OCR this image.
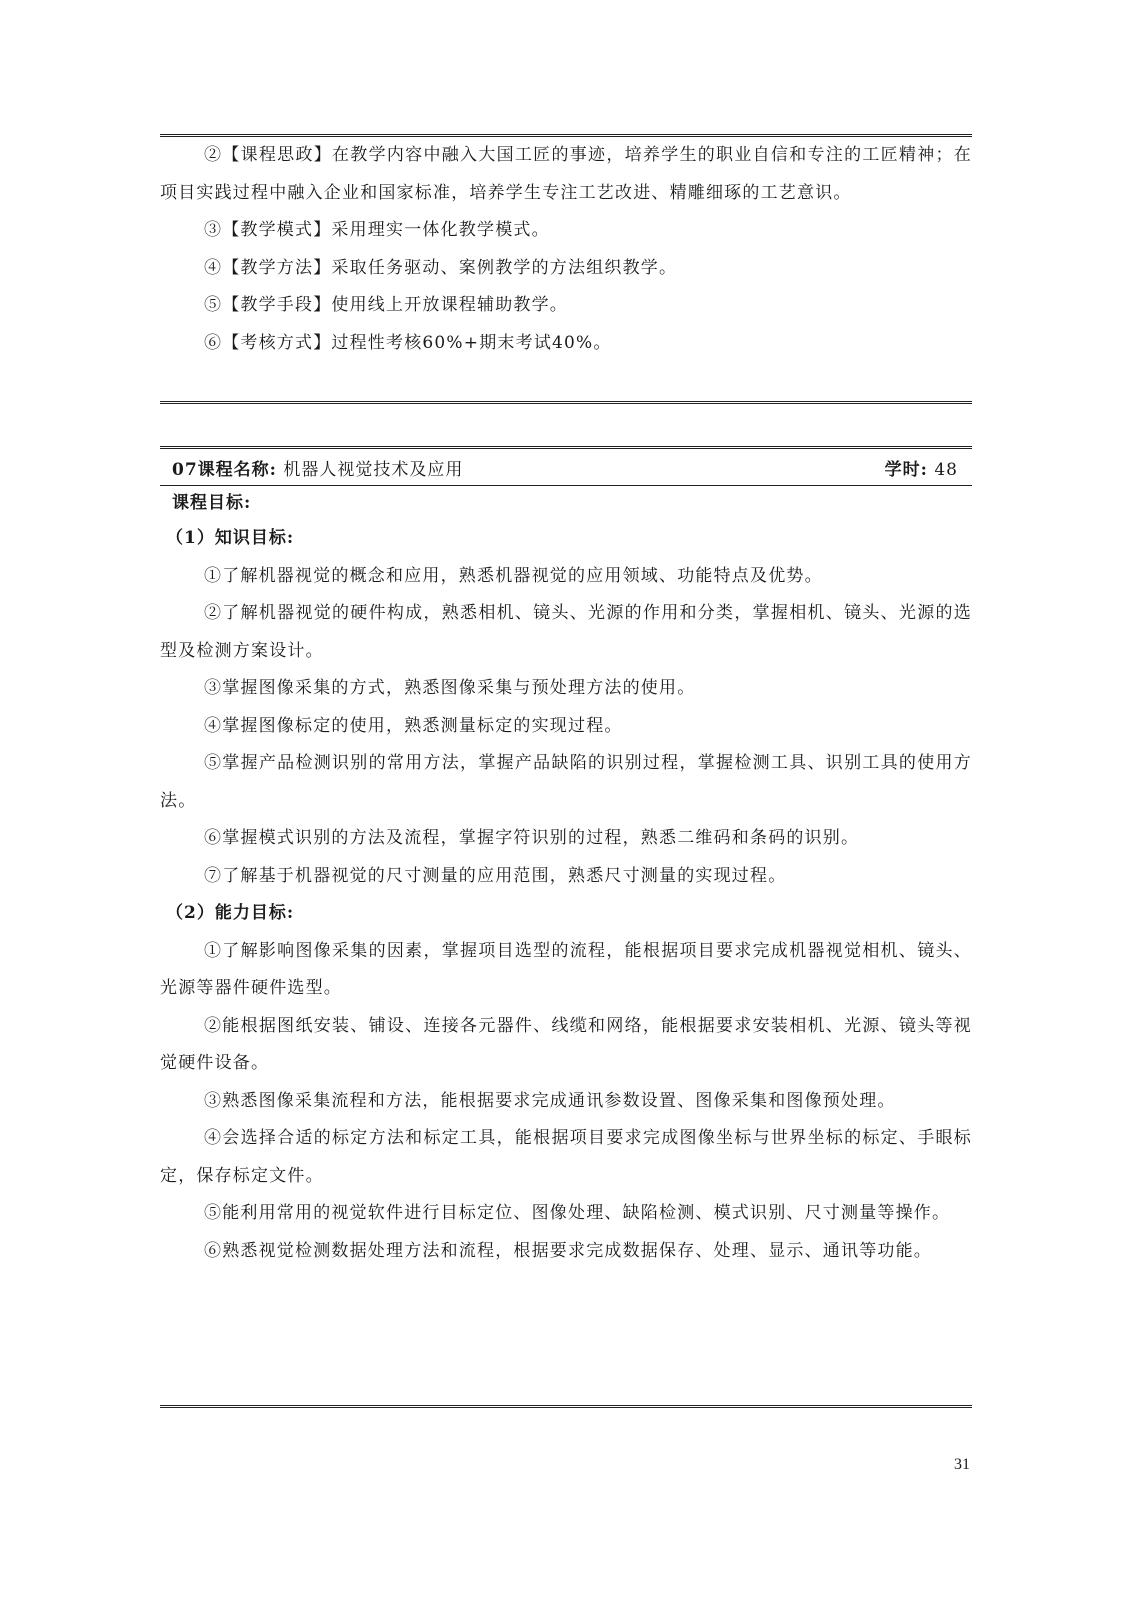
②【课程思政】在教学内容中融入大国工匠的事迹，培养学生的职业自信和专注的工匠精神；在项目实践过程中融入企业和国家标准，培养学生专注工艺改进、精雕细琢的工艺意识。

③【教学模式】采用理实一体化教学模式。

④【教学方法】采取任务驱动、案例教学的方法组织教学。

⑤【教学手段】使用线上开放课程辅助教学。

⑥【考核方式】过程性考核60%+期末考试40%。

07课程名称: 机器人视觉技术及应用	学时: 48

课程目标:

（1）知识目标:

①了解机器视觉的概念和应用，熟悉机器视觉的应用领域、功能特点及优势。

②了解机器视觉的硬件构成，熟悉相机、镜头、光源的作用和分类，掌握相机、镜头、光源的选型及检测方案设计。

③掌握图像采集的方式，熟悉图像采集与预处理方法的使用。

④掌握图像标定的使用，熟悉测量标定的实现过程。

⑤掌握产品检测识别的常用方法，掌握产品缺陷的识别过程，掌握检测工具、识别工具的使用方法。

⑥掌握模式识别的方法及流程，掌握字符识别的过程，熟悉二维码和条码的识别。

⑦了解基于机器视觉的尺寸测量的应用范围，熟悉尺寸测量的实现过程。

（2）能力目标:

①了解影响图像采集的因素，掌握项目选型的流程，能根据项目要求完成机器视觉相机、镜头、光源等器件硬件选型。

②能根据图纸安装、铺设、连接各元器件、线缆和网络，能根据要求安装相机、光源、镜头等视觉硬件设备。

③熟悉图像采集流程和方法，能根据要求完成通讯参数设置、图像采集和图像预处理。

④会选择合适的标定方法和标定工具，能根据项目要求完成图像坐标与世界坐标的标定、手眼标定，保存标定文件。

⑤能利用常用的视觉软件进行目标定位、图像处理、缺陷检测、模式识别、尺寸测量等操作。

⑥熟悉视觉检测数据处理方法和流程，根据要求完成数据保存、处理、显示、通讯等功能。

31
